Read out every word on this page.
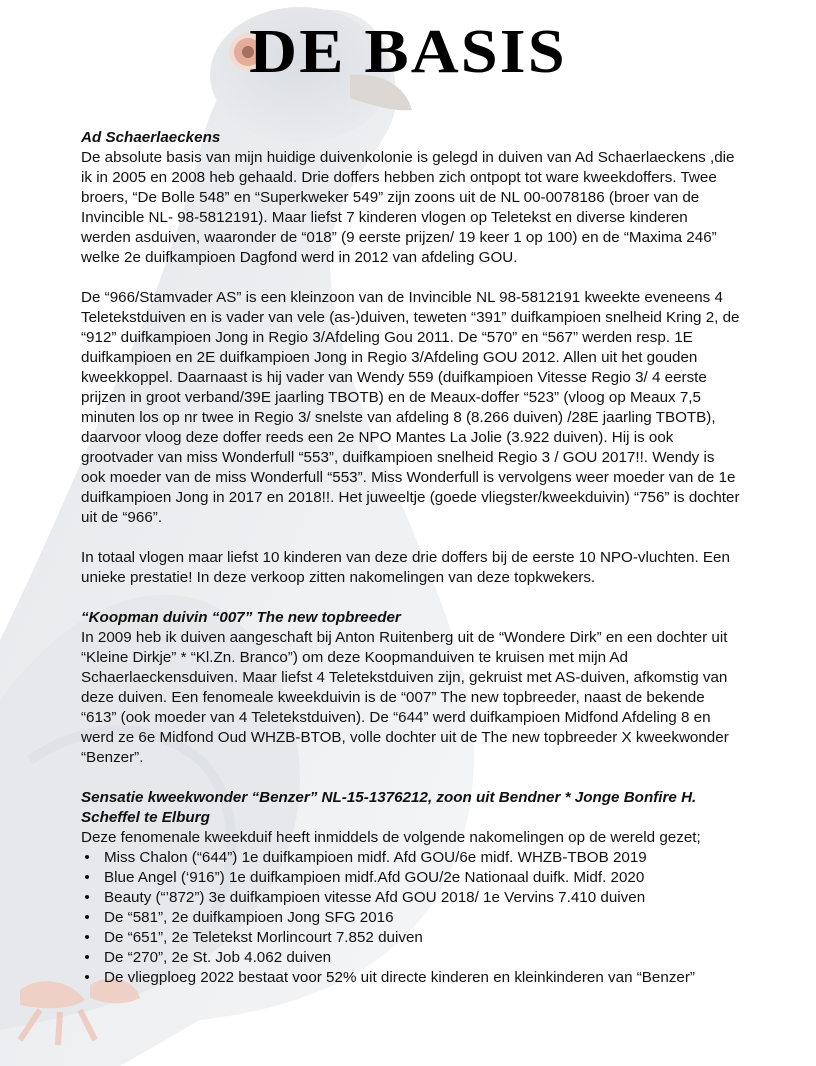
DE BASIS
Ad Schaerlaeckens

De absolute basis van mijn huidige duivenkolonie is gelegd in duiven van Ad Schaerlaeckens ,die ik in 2005 en 2008 heb gehaald. Drie doffers hebben zich ontpopt tot ware kweekdoffers. Twee broers, “De Bolle 548” en “Superkweker 549” zijn zoons uit de NL 00-0078186 (broer van de Invincible NL- 98-5812191). Maar liefst 7 kinderen vlogen op Teletekst en diverse kinderen werden asduiven, waaronder de “018” (9 eerste prijzen/ 19 keer 1 op 100) en de “Maxima 246” welke 2e duifkampioen Dagfond werd in 2012 van afdeling GOU.

De “966/Stamvader AS” is een kleinzoon van de Invincible NL 98-5812191 kweekte eveneens 4 Teletekstduiven en is vader van vele (as-)duiven, teweten “391” duifkampioen snelheid Kring 2, de “912” duifkampioen Jong in Regio 3/Afdeling Gou 2011. De “570” en “567” werden resp. 1E duifkampioen en 2E duifkampioen Jong in Regio 3/Afdeling GOU 2012. Allen uit het gouden kweekkoppel. Daarnaast is hij vader van Wendy 559 (duifkampioen Vitesse Regio 3/ 4 eerste prijzen in groot verband/39E jaarling TBOTB) en de Meaux-doffer “523” (vloog op Meaux 7,5 minuten los op nr twee in Regio 3/ snelste van afdeling 8 (8.266 duiven) /28E jaarling TBOTB), daarvoor vloog deze doffer reeds een 2e NPO Mantes La Jolie (3.922 duiven). Hij is ook grootvader van miss Wonderfull “553”, duifkampioen snelheid Regio 3 / GOU 2017!!. Wendy is ook moeder van de miss Wonderfull “553”. Miss Wonderfull is vervolgens weer moeder van de 1e duifkampioen Jong in 2017 en 2018!!. Het juweeltje (goede vliegster/kweekduivin) “756” is dochter uit de “966”.

In totaal vlogen maar liefst 10 kinderen van deze drie doffers bij de eerste 10 NPO-vluchten. Een unieke prestatie! In deze verkoop zitten nakomelingen van deze topkwekers.

“Koopman duivin “007” The new topbreeder

In 2009 heb ik duiven aangeschaft bij Anton Ruitenberg uit de “Wondere Dirk” en een dochter uit “Kleine Dirkje” * “Kl.Zn. Branco”) om deze Koopmanduiven te kruisen met mijn Ad Schaerlaeckensduiven. Maar liefst 4 Teletekstduiven zijn, gekruist met AS-duiven, afkomstig van deze duiven. Een fenomeale kweekduivin is de “007” The new topbreeder, naast de bekende “613” (ook moeder van 4 Teletekstduiven). De “644” werd duifkampioen Midfond Afdeling 8 en werd ze 6e Midfond Oud WHZB-BTOB, volle dochter uit de The new topbreeder X kweekwonder “Benzer”.

Sensatie kweekwonder “Benzer” NL-15-1376212, zoon uit Bendner * Jonge Bonfire H. Scheffel te Elburg

Deze fenomenale kweekduif heeft inmiddels de volgende nakomelingen op de wereld gezet;

• Miss Chalon (“644”) 1e duifkampioen midf. Afd GOU/6e midf. WHZB-TBOB 2019
• Blue Angel (‘916”) 1e duifkampioen midf.Afd GOU/2e Nationaal duifk. Midf. 2020
• Beauty (“’872”) 3e duifkampioen vitesse Afd GOU 2018/ 1e Vervins 7.410 duiven
• De “581”, 2e duifkampioen Jong SFG 2016
• De “651”, 2e Teletekst Morlincourt 7.852 duiven
• De “270”, 2e St. Job 4.062 duiven
• De vliegploeg 2022 bestaat voor 52% uit directe kinderen en kleinkinderen van “Benzer”
